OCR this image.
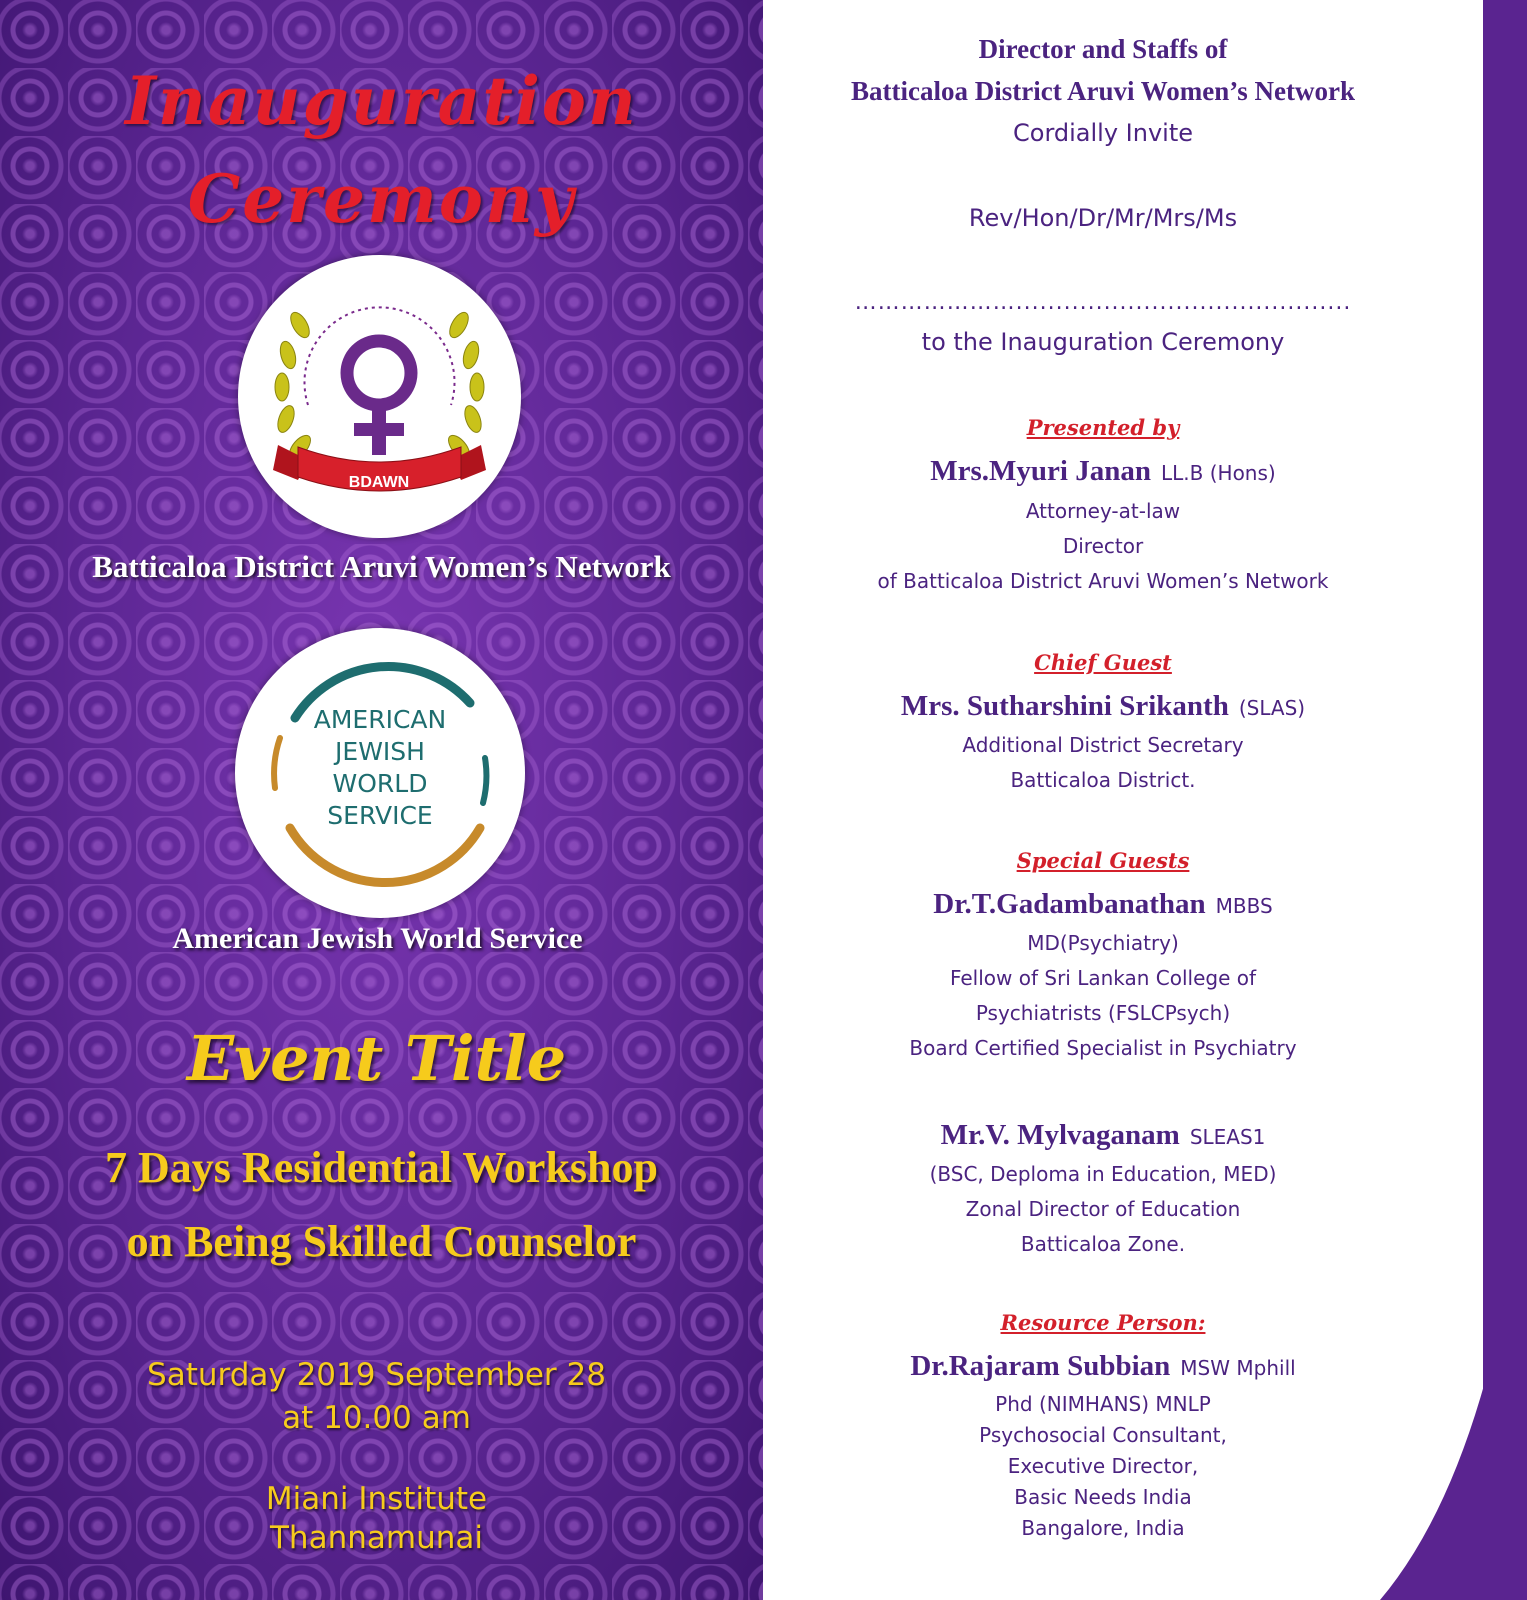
Inauguration
Ceremony
BDAWN
Batticaloa District Aruvi Women’s Network
AMERICAN
JEWISH
WORLD
SERVICE
American Jewish World Service
Event Title
7 Days Residential Workshop
on Being Skilled Counselor
Saturday 2019 September 28
at 10.00 am
Miani Institute
Thannamunai
Director and Staffs of
Batticaloa District Aruvi Women’s Network
Cordially Invite
Rev/Hon/Dr/Mr/Mrs/Ms
…………………..........................................
to the Inauguration Ceremony
Presented by
Mrs.Myuri Janan LL.B (Hons)
Attorney-at-law
Director
of Batticaloa District Aruvi Women’s Network
Chief Guest
Mrs. Sutharshini Srikanth (SLAS)
Additional District Secretary
Batticaloa District.
Special Guests
Dr.T.Gadambanathan MBBS
MD(Psychiatry)
Fellow of Sri Lankan College of
Psychiatrists (FSLCPsych)
Board Certified Specialist in Psychiatry
Mr.V. Mylvaganam SLEAS1
(BSC, Deploma in Education, MED)
Zonal Director of Education
Batticaloa Zone.
Resource Person:
Dr.Rajaram Subbian MSW Mphill
Phd (NIMHANS) MNLP
Psychosocial Consultant,
Executive Director,
Basic Needs India
Bangalore, India
